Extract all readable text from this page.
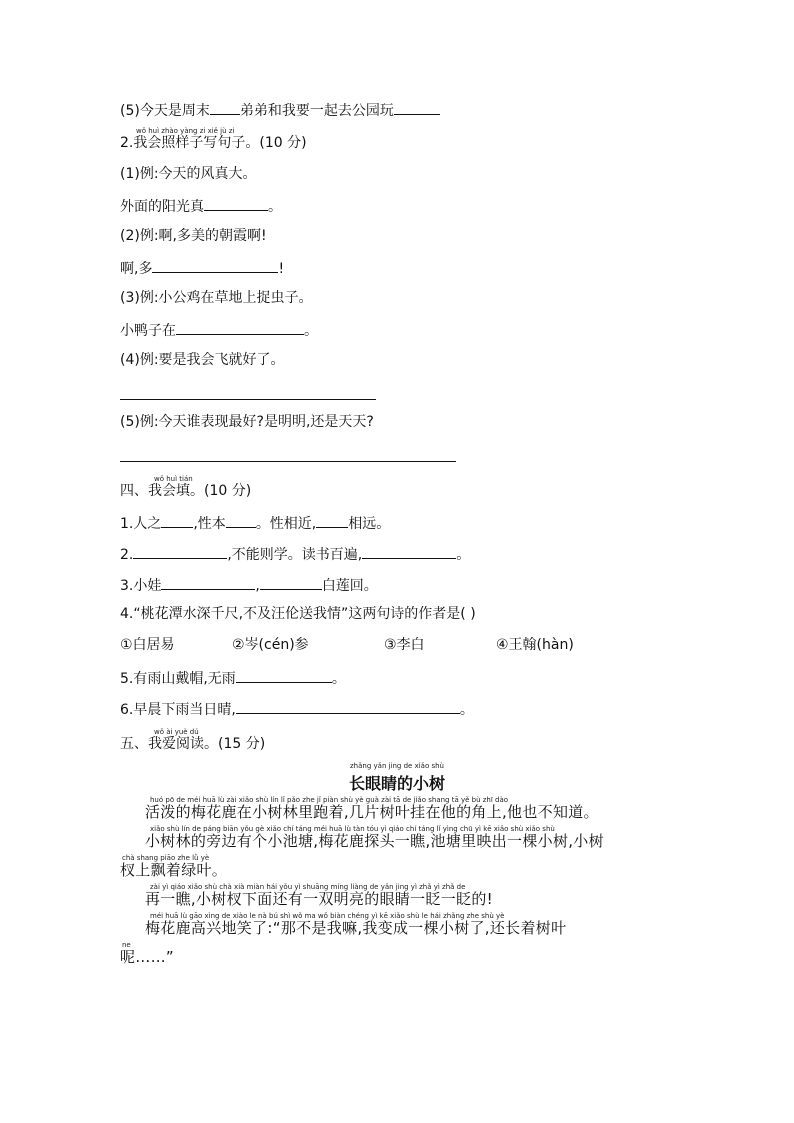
(5)今天是周末 弟弟和我要一起去公园玩
wǒ huì zhào yàng zi xiě jù zi
2.我会照样子写句子。(10 分)
(1)例:今天的风真大。
外面的阳光真	。
(2)例:啊,多美的朝霞啊!
啊,多	!
(3)例:小公鸡在草地上捉虫子。
小鸭子在	。
(4)例:要是我会飞就好了。
(5)例:今天谁表现最好?是明明,还是天天?
wǒ huì tián
四、我会填。(10 分)
1.人之 ,性本 。性相近, 相远。
2.	,不能则学。读书百遍,	。
3.小娃	,	白莲回。
4.“桃花潭水深千尺,不及汪伦送我情”这两句诗的作者是( )
①白居易	②岑(cén)参	③李白	④王翰(hàn)
5.有雨山戴帽,无雨	。
6.早晨下雨当日晴,	。
wǒ ài yuè dú
五、我爱阅读。(15 分)
zhǎng yǎn jing de xiǎo shù
长眼睛的小树
huó pō de méi huā lù zài xiǎo shù lín lǐ pǎo zhe jǐ piàn shù yè guà zài tā de jiǎo shang tā yě bù zhī dào
活泼的梅花鹿在小树林里跑着,几片树叶挂在他的角上,他也不知道。
xiǎo shù lín de páng biān yǒu gè xiǎo chí táng méi huā lù tàn tóu yì qiáo chí táng lǐ yìng chū yì kē xiǎo shù xiǎo shù
小树林的旁边有个小池塘,梅花鹿探头一瞧,池塘里映出一棵小树,小树
chà shang piāo zhe lǜ yè
杈上飘着绿叶。
zài yì qiáo xiǎo shù chà xià miàn hái yǒu yì shuāng míng liàng de yǎn jing yì zhǎ yì zhǎ de
再一瞧,小树杈下面还有一双明亮的眼睛一眨一眨的!
méi huā lù gāo xìng de xiào le nà bú shì wǒ ma wǒ biàn chéng yì kē xiǎo shù le hái zhǎng zhe shù yè
梅花鹿高兴地笑了:“那不是我嘛,我变成一棵小树了,还长着树叶
ne
呢……”
